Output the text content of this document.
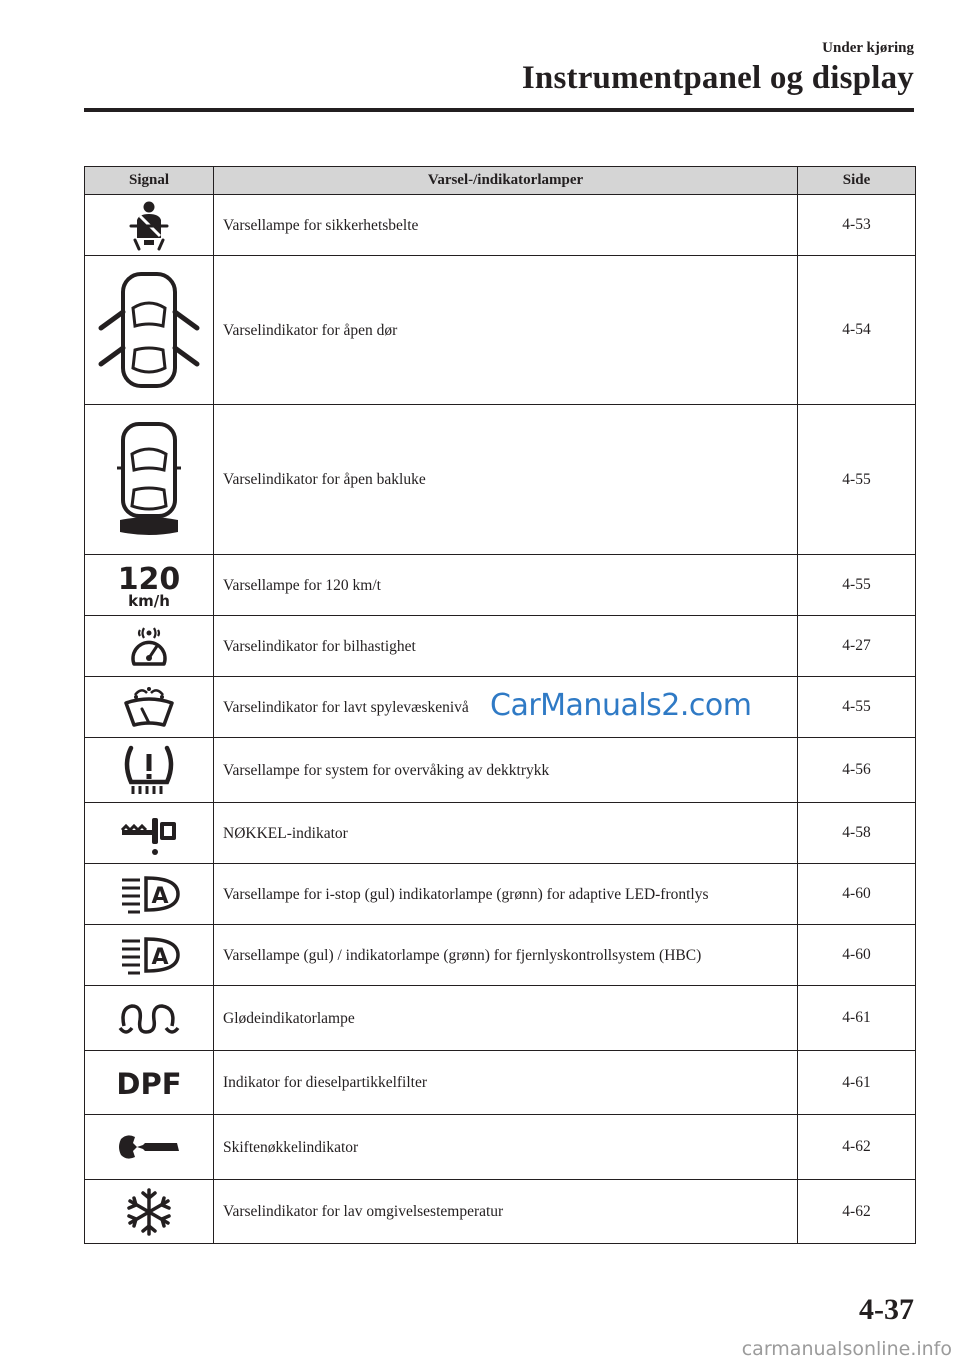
Under kjøring
Instrumentpanel og display
Signal	Varsel-/indikatorlamper	Side

	Varsellampe for sikkerhetsbelte	4-53

	Varselindikator for åpen dør	4-54

	Varselindikator for åpen bakluke	4-55

120
km/h	Varsellampe for 120 km/t	4-55

	Varselindikator for bilhastighet	4-27

	Varselindikator for lavt spylevæskenivå	4-55

	Varsellampe for system for overvåking av dekktrykk	4-56

	NØKKEL-indikator	4-58

A	Varsellampe for i-stop (gul) indikatorlampe (grønn) for adaptive LED-frontlys	4-60

A	Varsellampe (gul) / indikatorlampe (grønn) for fjernlyskontrollsystem (HBC)	4-60

	Glødeindikatorlampe	4-61

DPF	Indikator for dieselpartikkelfilter	4-61

	Skiftenøkkelindikator	4-62

	Varselindikator for lav omgivelsestemperatur	4-62
CarManuals2.com
4-37
carmanualsonline.info
